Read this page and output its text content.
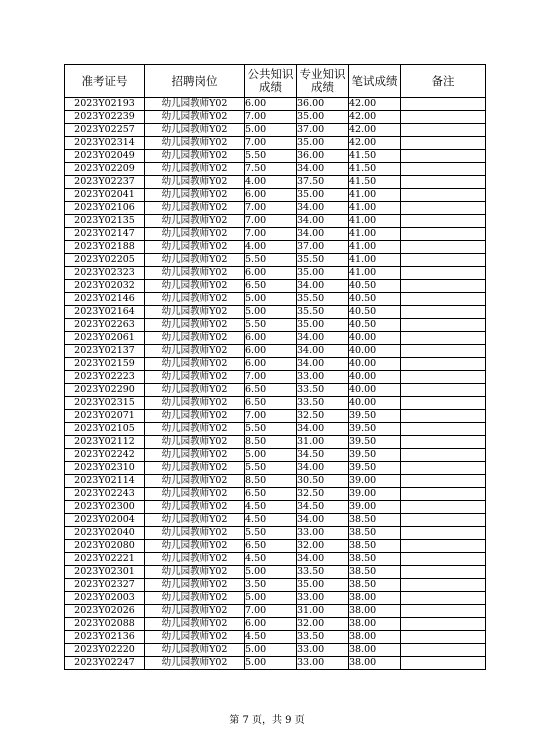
准考证号	招聘岗位	公共知识成绩	专业知识成绩	笔试成绩	备注
2023Y02193	幼儿园教师Y02	6.00	36.00	42.00	
2023Y02239	幼儿园教师Y02	7.00	35.00	42.00	
2023Y02257	幼儿园教师Y02	5.00	37.00	42.00	
2023Y02314	幼儿园教师Y02	7.00	35.00	42.00	
2023Y02049	幼儿园教师Y02	5.50	36.00	41.50	
2023Y02209	幼儿园教师Y02	7.50	34.00	41.50	
2023Y02237	幼儿园教师Y02	4.00	37.50	41.50	
2023Y02041	幼儿园教师Y02	6.00	35.00	41.00	
2023Y02106	幼儿园教师Y02	7.00	34.00	41.00	
2023Y02135	幼儿园教师Y02	7.00	34.00	41.00	
2023Y02147	幼儿园教师Y02	7.00	34.00	41.00	
2023Y02188	幼儿园教师Y02	4.00	37.00	41.00	
2023Y02205	幼儿园教师Y02	5.50	35.50	41.00	
2023Y02323	幼儿园教师Y02	6.00	35.00	41.00	
2023Y02032	幼儿园教师Y02	6.50	34.00	40.50	
2023Y02146	幼儿园教师Y02	5.00	35.50	40.50	
2023Y02164	幼儿园教师Y02	5.00	35.50	40.50	
2023Y02263	幼儿园教师Y02	5.50	35.00	40.50	
2023Y02061	幼儿园教师Y02	6.00	34.00	40.00	
2023Y02137	幼儿园教师Y02	6.00	34.00	40.00	
2023Y02159	幼儿园教师Y02	6.00	34.00	40.00	
2023Y02223	幼儿园教师Y02	7.00	33.00	40.00	
2023Y02290	幼儿园教师Y02	6.50	33.50	40.00	
2023Y02315	幼儿园教师Y02	6.50	33.50	40.00	
2023Y02071	幼儿园教师Y02	7.00	32.50	39.50	
2023Y02105	幼儿园教师Y02	5.50	34.00	39.50	
2023Y02112	幼儿园教师Y02	8.50	31.00	39.50	
2023Y02242	幼儿园教师Y02	5.00	34.50	39.50	
2023Y02310	幼儿园教师Y02	5.50	34.00	39.50	
2023Y02114	幼儿园教师Y02	8.50	30.50	39.00	
2023Y02243	幼儿园教师Y02	6.50	32.50	39.00	
2023Y02300	幼儿园教师Y02	4.50	34.50	39.00	
2023Y02004	幼儿园教师Y02	4.50	34.00	38.50	
2023Y02040	幼儿园教师Y02	5.50	33.00	38.50	
2023Y02080	幼儿园教师Y02	6.50	32.00	38.50	
2023Y02221	幼儿园教师Y02	4.50	34.00	38.50	
2023Y02301	幼儿园教师Y02	5.00	33.50	38.50	
2023Y02327	幼儿园教师Y02	3.50	35.00	38.50	
2023Y02003	幼儿园教师Y02	5.00	33.00	38.00	
2023Y02026	幼儿园教师Y02	7.00	31.00	38.00	
2023Y02088	幼儿园教师Y02	6.00	32.00	38.00	
2023Y02136	幼儿园教师Y02	4.50	33.50	38.00	
2023Y02220	幼儿园教师Y02	5.00	33.00	38.00	
2023Y02247	幼儿园教师Y02	5.00	33.00	38.00	
第 7 页，共 9 页
